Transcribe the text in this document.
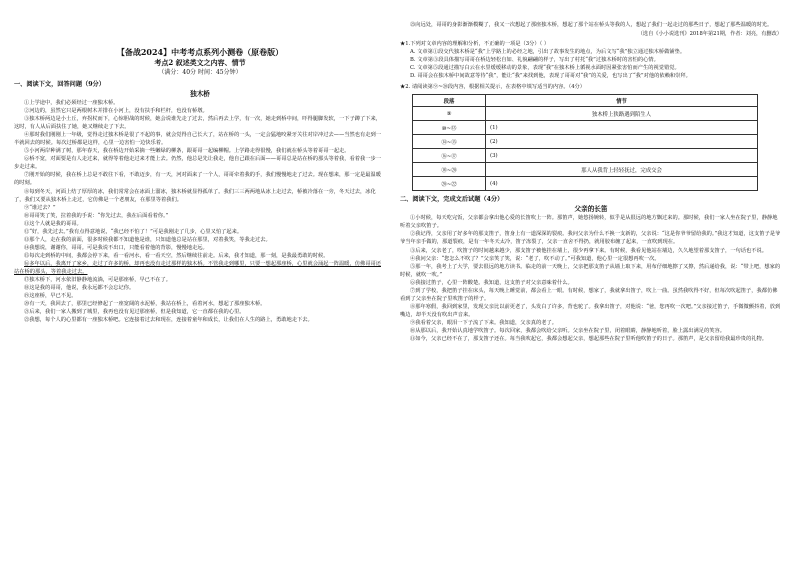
【备战2024】中考考点系列小测卷（原卷版）
考点2 叙述类文之内容、情节
（满分：40分 时间：45分钟）
一、阅读下文，回答问题（9分）
独木桥

①上学途中，我们必须经过一座独木桥。

②河边的，虽然它只是两根树木并排在小河上，没有扶手和栏杆，也没有桥墩。

③独木桥两边是小土丘，弃拐杖而下，心惊胆战的时候，她会说谁先走了过去，然后再去上学，有一次，她走到桥中间，吓得腿脚发软，一下子蹲了下来，这时，有人从后面扶住了她，她又继续走了下去。

④那时我们刚刚上一年级，觉得走过独木桥是很了不起的事，就会觉得自己长大了，站在桥的一头，一定会猛地咬紧牙关往对岸冲过去——当然也有走到一半就回去的时候。每次过桥都是这样，心里一边害怕一边快乐着。

⑤小河两岸种满了树，那年春天，我在桥边开始采摘一些嫩绿的柳条，跟哥哥一起编柳帽。上学路走得很慢，我们就在桥头等着哥哥一起走。

⑥桥不宽，对面要是有人走过来，就得等着他走过来才能上去。仍然，他总是先让我走，他自己跟在后面——哥哥总是站在桥的那头等着我，看着我一步一步走过来。

⑦刚开始的时候，我在桥上总是不敢往下看，不敢迈步，有一天，河对面来了一个人，哥哥牵着我的手，我们慢慢地走了过去。现在想来，那一定是最温暖的时刻。

⑧每到冬天，河面上结了厚厚的冰，我们常常会在冰面上溜冰，独木桥就显得孤单了。我们三三两两地从冰上走过去，桥被冷落在一旁，冬天过去，冰化了，我们又要从独木桥上走过，它仿佛是一个老朋友，在那里等着我们。

⑨“谁过去？”

⑩哥哥笑了笑，拉着我的手说：“你先过去，我在后面看着你。”

⑪这个人就是我的哥哥。

⑫“好，我先过去。”我有点得意地说，“我已经不怕了！”可是我刚走了几步，心里又怕了起来。

⑬那个人，走在我的前面，很多时候我都不知道他是谁，只知道他总是站在那里，对着我笑，等我走过去。

⑭我想说，谢谢你，哥哥。可是我说不出口，只能看着他的背影，慢慢地走远。

⑮每次走到桥的中间，我都会停下来，看一看河水，看一看天空，然后继续往前走。后来，我才知道，那一刻，是我最勇敢的时候。

⑯多年以后，我离开了家乡，走过了许多的桥，却再也没有走过那样的独木桥。不管我走到哪里，只要一想起那座桥，心里就会涌起一阵温暖，仿佛哥哥还站在桥的那头，等着我走过去。

⑰独木桥下，河水依旧静静地流淌，可是那座桥，早已不在了。

⑱这是我的哥哥，他说，我永远都不会忘记你。

⑲这座桥，早已不见。

⑳有一天，我回去了，那里已经修起了一座宽阔的水泥桥，我站在桥上，看着河水，想起了那座独木桥。

㉑后来，我们一家人搬到了城里，我再也没有见过那座桥，但是我知道，它一直都在我的心里。

㉒我想，每个人的心里都有一座独木桥吧。它连接着过去和现在，连接着童年和成长，让我们在人生的路上，勇敢地走下去。

㉓向远处，哥哥的身影渐渐模糊了，我又一次想起了那座独木桥，想起了那个站在桥头等我的人，想起了我们一起走过的那些日子，想起了那些温暖的时光。

（选自《小小说选刊》2018年第21期，作者：刘亮，有删改）

★1.下列对文章内容的理解和分析，不正确的一项是（3分）（ ）

A. 文章第①段交代独木桥是“我”上学路上的必经之地，引出了故事发生的地点，为后文写“我”独立通过独木桥做铺垫。

B. 文章第③段具体描写哥哥在桥边轻松自如、礼貌翩翩的样子，写出了村托“我”过独木桥时的害怕的心情。

C. 文章第⑤段通过描写白云在水里缓缓移动的景象，表现“我”在独木桥上循视水面时因紧张害怕而产生的视觉错觉。

D. 哥哥会在独木桥中间故意等待“我”，能让“我”来找到他，表现了哥哥对“我”的关爱，也写出了“我”对他的依赖和崇拜。

★2. 请阅读第⑨~⑳段内容，根据相关提示，在表格中填写适当的内容。（4分）

段落	情节
⑨	独木桥上狭路遇到陌生人
⑩~⑬	(1)
⑭~⑮	(2)
⑯~⑰	(3)
⑱~⑳	那人从我背上轻轻抚过，完成交会
⑳~㉒	(4)
二、阅读下文，完成文后试题（4分）
父亲的长笛

①小时候，每天吃完饭，父亲都会拿出他心爱的长笛吹上一阵。那笛声，她悠扬婉转，似乎是从很远的地方飘过来的。那时候，我们一家人坐在院子里，静静地听着父亲吹笛子。

②我记得，父亲用了好多年的那支笛子，笛身上有一道深深的裂痕。我问父亲为什么不换一支新的，父亲说：“这是你爷爷留给我的。”我这才知道，这支笛子是爷爷当年亲手做的，那道裂痕，是有一年冬天太冷，笛子冻裂了，父亲一直舍不得扔，就用胶布缠了起来，一直吹到现在。

③后来，父亲老了，吹笛子的时间越来越少，那支笛子被他挂在墙上，很少再拿下来。有时候，我看见他站在墙边，久久地望着那支笛子，一句话也不说。

④我问父亲：“您怎么不吹了？”父亲笑了笑，说：“老了，吹不动了。”可我知道，他心里一定很想再吹一次。

⑤那一年，我考上了大学，要去很远的地方读书。临走的前一天晚上，父亲把那支笛子从墙上取下来，用布仔细地擦了又擦，然后递给我，说：“带上吧，想家的时候，就吹一吹。”

⑥我接过笛子，心里一阵酸楚。我知道，这支笛子对父亲意味着什么。

⑦到了学校，我把笛子挂在床头，每天晚上睡觉前，都会看上一眼。有时候，想家了，我就拿出笛子，吹上一曲。虽然我吹得不好，但每次吹起笛子，我都仿佛看到了父亲坐在院子里吹笛子的样子。

⑧那年寒假，我回到家里，发现父亲比以前更老了，头发白了许多，背也驼了。我拿出笛子，对他说：“爸，您再吹一次吧。”父亲接过笛子，手微微颤抖着，放到嘴边，却半天没有吹出声音来。

⑨我看着父亲，眼泪一下子流了下来。我知道，父亲真的老了。

⑩从那以后，我开始认真地学吹笛子。每次回家，我都会吹给父亲听。父亲坐在院子里，闭着眼睛，静静地听着，脸上露出满足的笑容。

⑪如今，父亲已经不在了，那支笛子还在。每当我吹起它，我都会想起父亲，想起那些在院子里听他吹笛子的日子。那笛声，是父亲留给我最珍贵的礼物。
